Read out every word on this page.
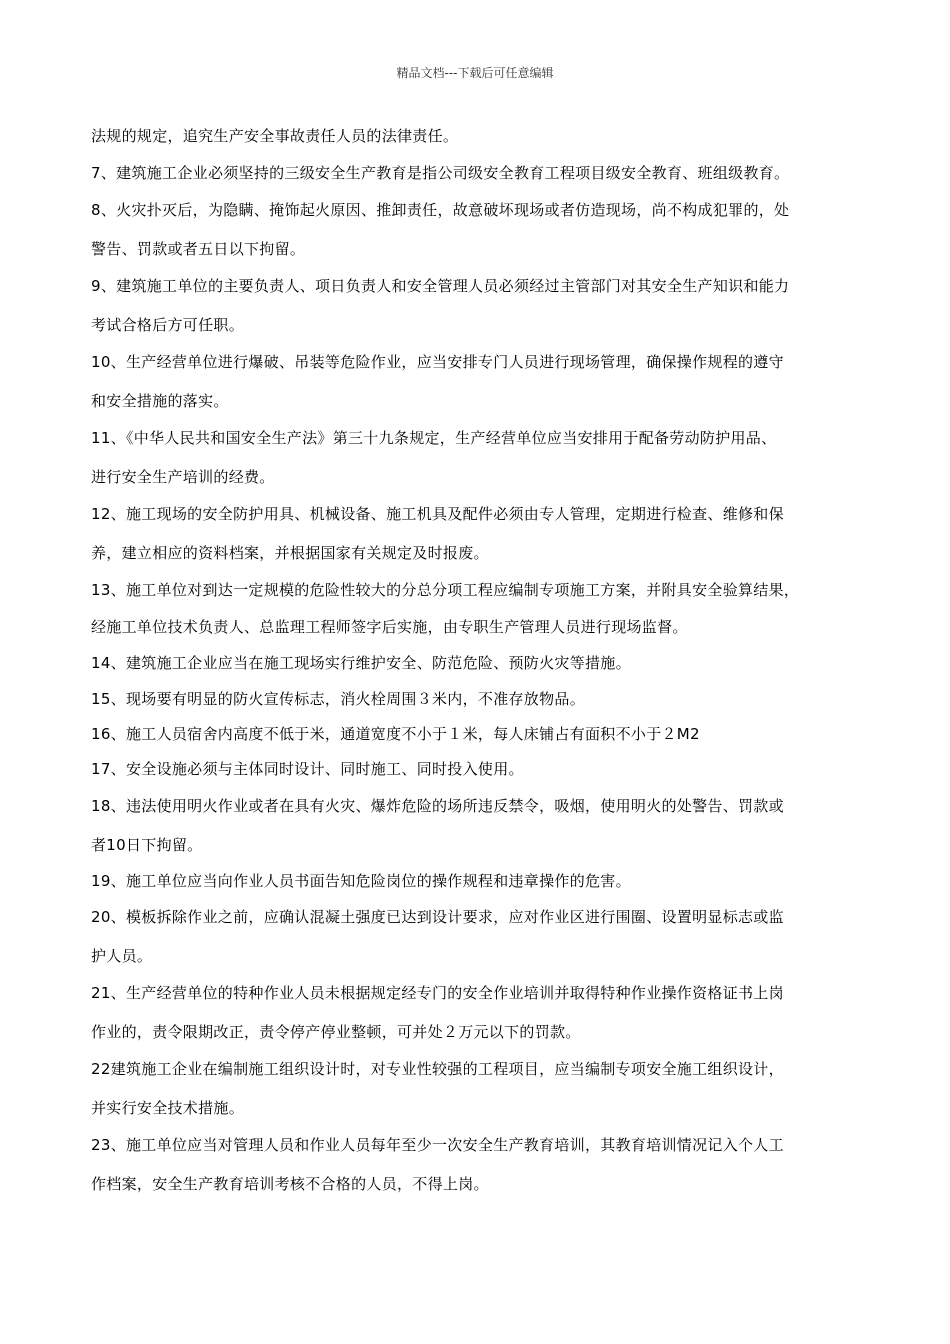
精品文档---下载后可任意编辑
法规的规定，追究生产安全事故责任人员的法律责任。
7、建筑施工企业必须坚持的三级安全生产教育是指公司级安全教育工程项目级安全教育、班组级教育。
8、火灾扑灭后，为隐瞒、掩饰起火原因、推卸责任，故意破坏现场或者仿造现场，尚不构成犯罪的，处
警告、罚款或者五日以下拘留。
9、建筑施工单位的主要负责人、项日负责人和安全管理人员必须经过主管部门对其安全生产知识和能力
考试合格后方可任职。
10、生产经营单位进行爆破、吊装等危险作业，应当安排专门人员进行现场管理，确保操作规程的遵守
和安全措施的落实。
11、《中华人民共和国安全生产法》第三十九条规定，生产经营单位应当安排用于配备劳动防护用品、
进行安全生产培训的经费。
12、施工现场的安全防护用具、机械设备、施工机具及配件必须由专人管理，定期进行检查、维修和保
养，建立相应的资料档案，并根据国家有关规定及时报废。
13、施工单位对到达一定规模的危险性较大的分总分项工程应编制专项施工方案，并附具安全验算结果，
经施工单位技术负责人、总监理工程师签字后实施，由专职生产管理人员进行现场监督。
14、建筑施工企业应当在施工现场实行维护安全、防范危险、预防火灾等措施。
15、现场要有明显的防火宣传标志，消火栓周围３米内，不准存放物品。
16、施工人员宿舍内高度不低于米，通道宽度不小于１米，每人床铺占有面积不小于２M2
17、安全设施必须与主体同时设计、同时施工、同时投入使用。
18、违法使用明火作业或者在具有火灾、爆炸危险的场所违反禁令，吸烟，使用明火的处警告、罚款或
者10日下拘留。
19、施工单位应当向作业人员书面告知危险岗位的操作规程和违章操作的危害。
20、模板拆除作业之前，应确认混凝土强度已达到设计要求，应对作业区进行围圈、设置明显标志或监
护人员。
21、生产经营单位的特种作业人员未根据规定经专门的安全作业培训并取得特种作业操作资格证书上岗
作业的，责令限期改正，责令停产停业整顿，可并处２万元以下的罚款。
22建筑施工企业在编制施工组织设计时，对专业性较强的工程项目，应当编制专项安全施工组织设计，
并实行安全技术措施。
23、施工单位应当对管理人员和作业人员每年至少一次安全生产教育培训，其教育培训情况记入个人工
作档案，安全生产教育培训考核不合格的人员，不得上岗。
